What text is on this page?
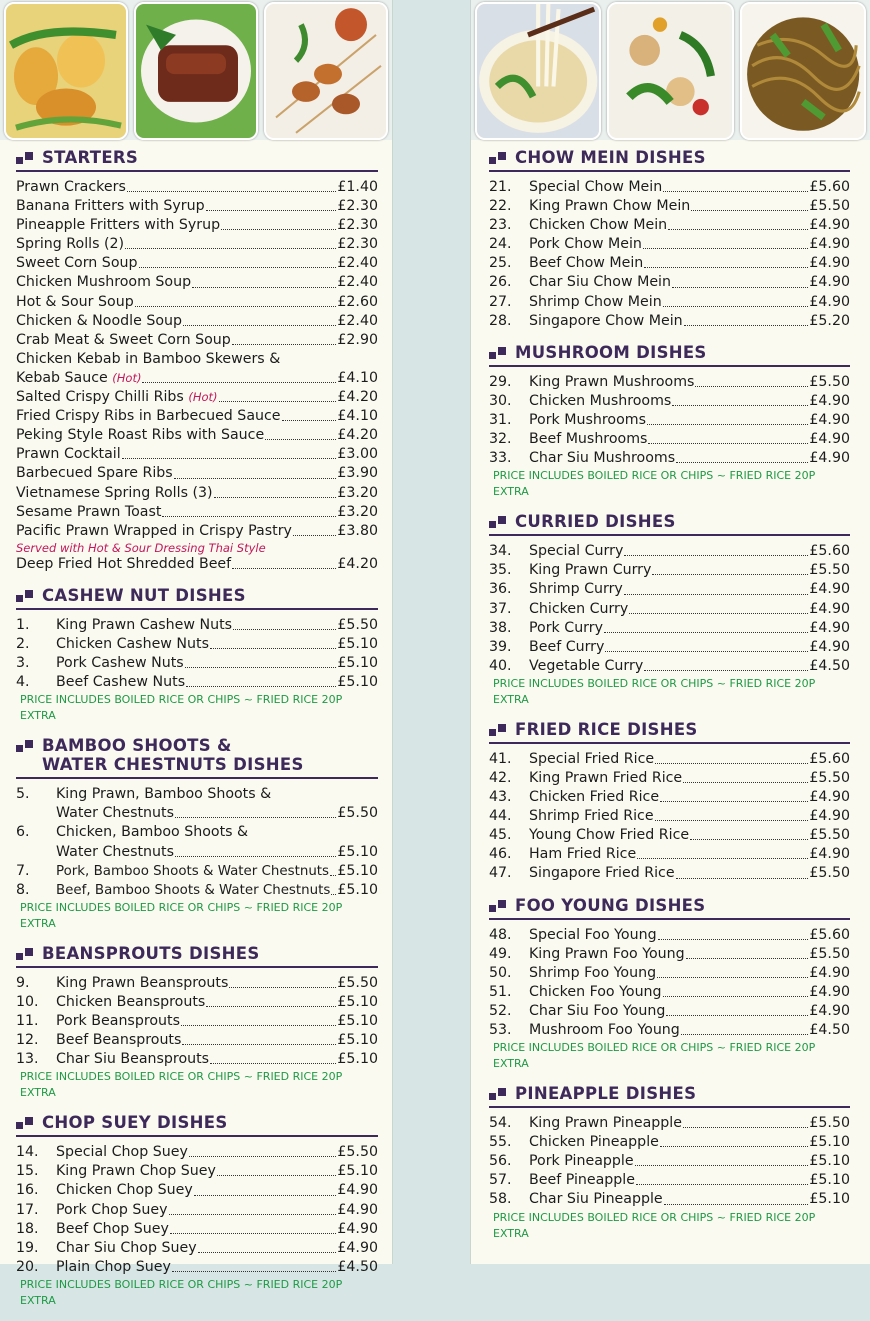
STARTERS
Prawn Crackers	£1.40
Banana Fritters with Syrup	£2.30
Pineapple Fritters with Syrup	£2.30
Spring Rolls (2)	£2.30
Sweet Corn Soup	£2.40
Chicken Mushroom Soup	£2.40
Hot & Sour Soup	£2.60
Chicken & Noodle Soup	£2.40
Crab Meat & Sweet Corn Soup	£2.90
Chicken Kebab in Bamboo Skewers &
Kebab Sauce
(Hot)	£4.10
Salted Crispy Chilli Ribs
(Hot)	£4.20
Fried Crispy Ribs in Barbecued Sauce	£4.10
Peking Style Roast Ribs with Sauce	£4.20
Prawn Cocktail	£3.00
Barbecued Spare Ribs	£3.90
Vietnamese Spring Rolls (3)	£3.20
Sesame Prawn Toast	£3.20
Pacific Prawn Wrapped in Crispy Pastry	£3.80
Served with Hot & Sour Dressing Thai Style
Deep Fried Hot Shredded Beef	£4.20
CASHEW NUT DISHES
1.	King Prawn Cashew Nuts	£5.50
2.	Chicken Cashew Nuts	£5.10
3.	Pork Cashew Nuts	£5.10
4.	Beef Cashew Nuts	£5.10
PRICE INCLUDES BOILED RICE OR CHIPS ~ FRIED RICE 20P EXTRA
BAMBOO SHOOTS &
WATER CHESTNUTS DISHES
5.	King Prawn, Bamboo Shoots &
Water Chestnuts	£5.50
6.	Chicken, Bamboo Shoots &
Water Chestnuts	£5.10
7.	Pork, Bamboo Shoots & Water Chestnuts £5.10
8.	Beef, Bamboo Shoots & Water Chestnuts £5.10
PRICE INCLUDES BOILED RICE OR CHIPS ~ FRIED RICE 20P EXTRA
BEANSPROUTS DISHES
9.	King Prawn Beansprouts	£5.50
10.	Chicken Beansprouts	£5.10
11.	Pork Beansprouts	£5.10
12.	Beef Beansprouts	£5.10
13.	Char Siu Beansprouts	£5.10
PRICE INCLUDES BOILED RICE OR CHIPS ~ FRIED RICE 20P EXTRA
CHOP SUEY DISHES
14.	Special Chop Suey	£5.50
15.	King Prawn Chop Suey	£5.10
16.	Chicken Chop Suey	£4.90
17.	Pork Chop Suey	£4.90
18.	Beef Chop Suey	£4.90
19.	Char Siu Chop Suey	£4.90
20.	Plain Chop Suey	£4.50
PRICE INCLUDES BOILED RICE OR CHIPS ~ FRIED RICE 20P EXTRA
CHOW MEIN DISHES
21.	Special Chow Mein	£5.60
22.	King Prawn Chow Mein	£5.50
23.	Chicken Chow Mein	£4.90
24.	Pork Chow Mein	£4.90
25.	Beef Chow Mein	£4.90
26.	Char Siu Chow Mein	£4.90
27.	Shrimp Chow Mein	£4.90
28.	Singapore Chow Mein	£5.20
MUSHROOM DISHES
29.	King Prawn Mushrooms	£5.50
30.	Chicken Mushrooms	£4.90
31.	Pork Mushrooms	£4.90
32.	Beef Mushrooms	£4.90
33.	Char Siu Mushrooms	£4.90
PRICE INCLUDES BOILED RICE OR CHIPS ~ FRIED RICE 20P EXTRA
CURRIED DISHES
34.	Special Curry	£5.60
35.	King Prawn Curry	£5.50
36.	Shrimp Curry	£4.90
37.	Chicken Curry	£4.90
38.	Pork Curry	£4.90
39.	Beef Curry	£4.90
40.	Vegetable Curry	£4.50
PRICE INCLUDES BOILED RICE OR CHIPS ~ FRIED RICE 20P EXTRA
FRIED RICE DISHES
41.	Special Fried Rice	£5.60
42.	King Prawn Fried Rice	£5.50
43.	Chicken Fried Rice	£4.90
44.	Shrimp Fried Rice	£4.90
45.	Young Chow Fried Rice	£5.50
46.	Ham Fried Rice	£4.90
47.	Singapore Fried Rice	£5.50
FOO YOUNG DISHES
48.	Special Foo Young	£5.60
49.	King Prawn Foo Young	£5.50
50.	Shrimp Foo Young	£4.90
51.	Chicken Foo Young	£4.90
52.	Char Siu Foo Young	£4.90
53.	Mushroom Foo Young	£4.50
PRICE INCLUDES BOILED RICE OR CHIPS ~ FRIED RICE 20P EXTRA
PINEAPPLE DISHES
54.	King Prawn Pineapple	£5.50
55.	Chicken Pineapple	£5.10
56.	Pork Pineapple	£5.10
57.	Beef Pineapple	£5.10
58.	Char Siu Pineapple	£5.10
PRICE INCLUDES BOILED RICE OR CHIPS ~ FRIED RICE 20P EXTRA
